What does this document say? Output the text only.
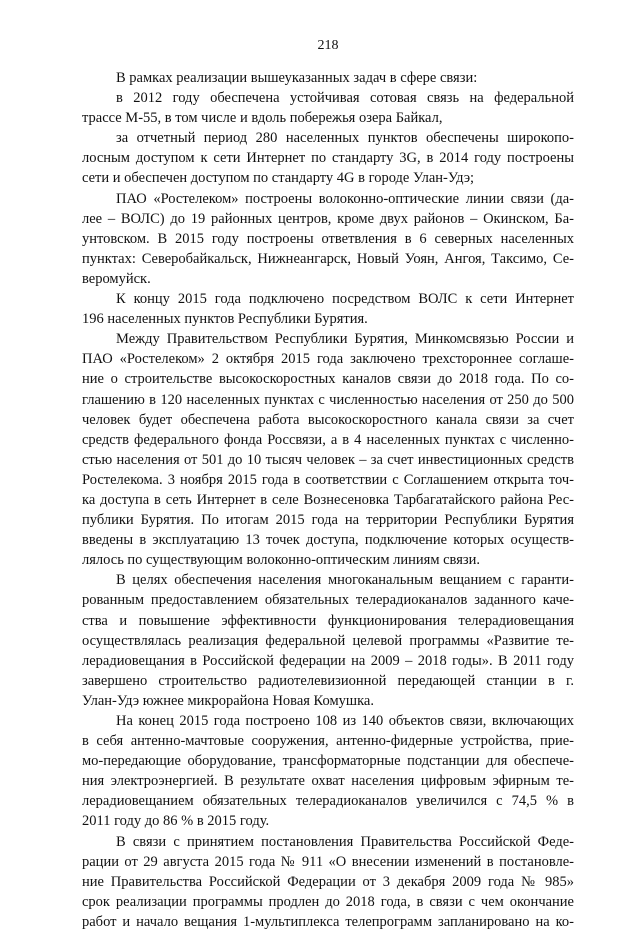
218
В рамках реализации вышеуказанных задач в сфере связи:
в 2012 году обеспечена устойчивая сотовая связь на федеральной
трассе М-55, в том числе и вдоль побережья озера Байкал,
за отчетный период 280 населенных пунктов обеспечены широкопо-
лосным доступом к сети Интернет по стандарту 3G, в 2014 году построены
сети и обеспечен доступом по стандарту 4G в городе Улан-Удэ;
ПАО «Ростелеком» построены волоконно-оптические линии связи (да-
лее – ВОЛС) до 19 районных центров, кроме двух районов – Окинском, Ба-
унтовском. В 2015 году построены ответвления в 6 северных населенных
пунктах: Северобайкальск, Нижнеангарск, Новый Уоян, Ангоя, Таксимо, Се-
веромуйск.
К концу 2015 года подключено посредством ВОЛС к сети Интернет
196 населенных пунктов Республики Бурятия.
Между Правительством Республики Бурятия, Минкомсвязью России и
ПАО «Ростелеком» 2 октября 2015 года заключено трехстороннее соглаше-
ние о строительстве высокоскоростных каналов связи до 2018 года. По со-
глашению в 120 населенных пунктах с численностью населения от 250 до 500
человек будет обеспечена работа высокоскоростного канала связи за счет
средств федерального фонда Россвязи, а в 4 населенных пунктах с численно-
стью населения от 501 до 10 тысяч человек – за счет инвестиционных средств
Ростелекома. 3 ноября 2015 года в соответствии с Соглашением открыта точ-
ка доступа в сеть Интернет в селе Вознесеновка Тарбагатайского района Рес-
публики Бурятия. По итогам 2015 года на территории Республики Бурятия
введены в эксплуатацию 13 точек доступа, подключение которых осуществ-
лялось по существующим волоконно-оптическим линиям связи.
В целях обеспечения населения многоканальным вещанием с гаранти-
рованным предоставлением обязательных телерадиоканалов заданного каче-
ства и повышение эффективности функционирования телерадиовещания
осуществлялась реализация федеральной целевой программы «Развитие те-
лерадиовещания в Российской федерации на 2009 – 2018 годы». В 2011 году
завершено строительство радиотелевизионной передающей станции в г.
Улан-Удэ южнее микрорайона Новая Комушка.
На конец 2015 года построено 108 из 140 объектов связи, включающих
в себя антенно-мачтовые сооружения, антенно-фидерные устройства, прие-
мо-передающие оборудование, трансформаторные подстанции для обеспече-
ния электроэнергией. В результате охват населения цифровым эфирным те-
лерадиовещанием обязательных телерадиоканалов увеличился с 74,5 % в
2011 году до 86 % в 2015 году.
В связи с принятием постановления Правительства Российской Феде-
рации от 29 августа 2015 года № 911 «О внесении изменений в постановле-
ние Правительства Российской Федерации от 3 декабря 2009 года № 985»
срок реализации программы продлен до 2018 года, в связи с чем окончание
работ и начало вещания 1-мультиплекса телепрограмм запланировано на ко-
